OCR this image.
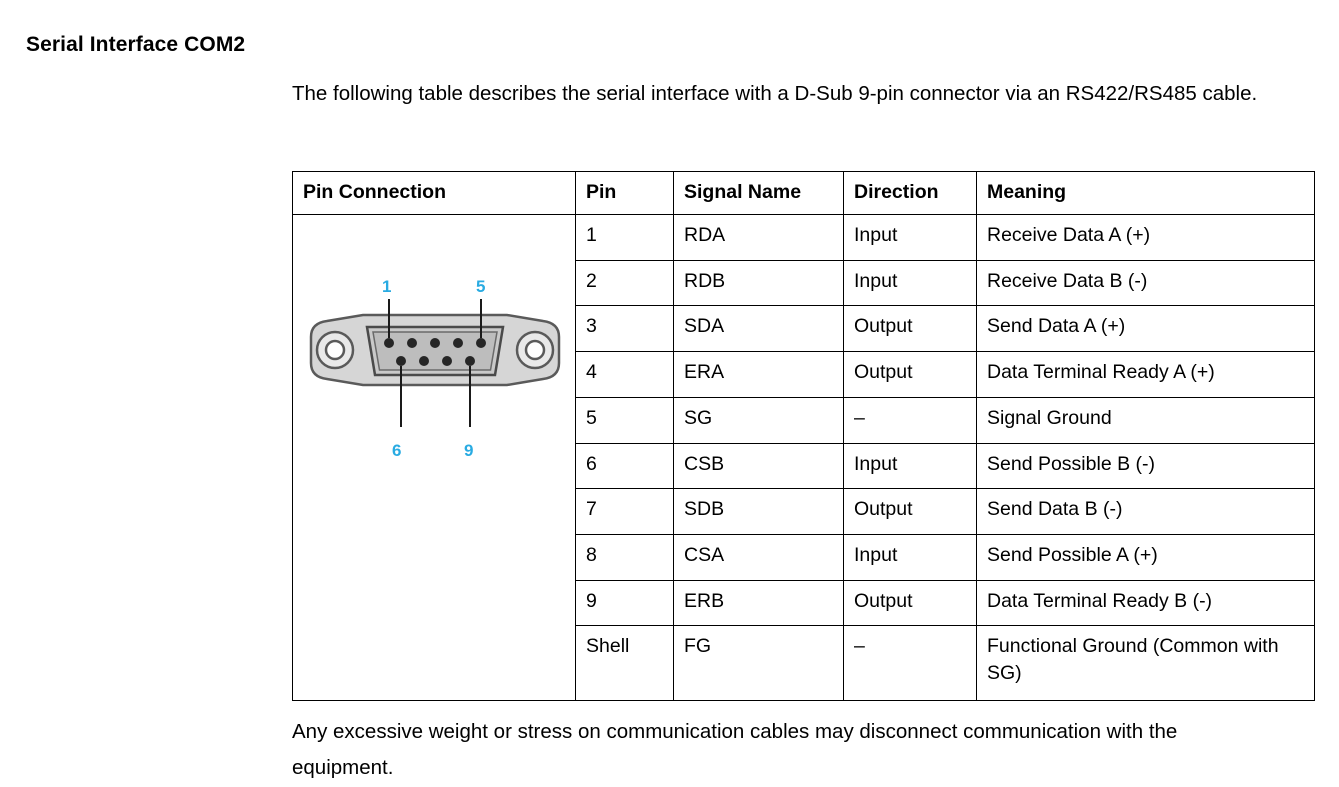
Serial Interface COM2
The following table describes the serial interface with a D-Sub 9-pin connector via an RS422/RS485 cable.
Pin Connection	Pin	Signal Name	Direction	Meaning

1 5
6 9	1	RDA	Input	Receive Data A (+)
	2	RDB	Input	Receive Data B (-)
	3	SDA	Output	Send Data A (+)
	4	ERA	Output	Data Terminal Ready A (+)
	5	SG	–	Signal Ground
	6	CSB	Input	Send Possible B (-)
	7	SDB	Output	Send Data B (-)
	8	CSA	Input	Send Possible A (+)
	9	ERB	Output	Data Terminal Ready B (-)
	Shell	FG	–	Functional Ground (Common with SG)
Any excessive weight or stress on communication cables may disconnect communication with the equipment.
